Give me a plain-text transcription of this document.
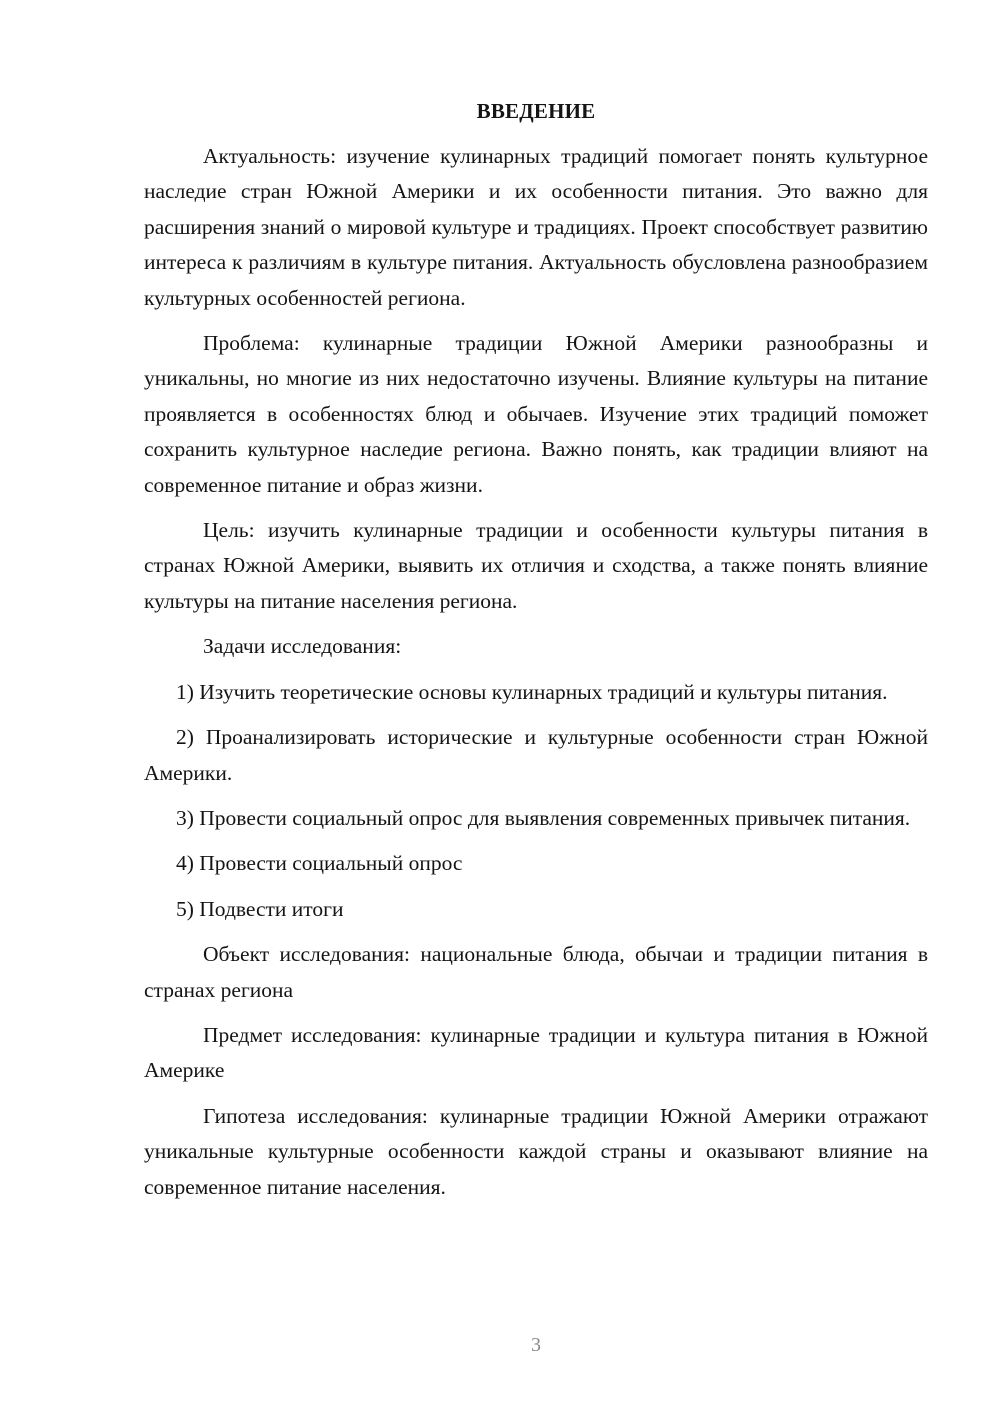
ВВЕДЕНИЕ

Актуальность: изучение кулинарных традиций помогает понять культурное наследие стран Южной Америки и их особенности питания. Это важно для расширения знаний о мировой культуре и традициях. Проект способствует развитию интереса к различиям в культуре питания. Актуальность обусловлена разнообразием культурных особенностей региона.

Проблема: кулинарные традиции Южной Америки разнообразны и уникальны, но многие из них недостаточно изучены. Влияние культуры на питание проявляется в особенностях блюд и обычаев. Изучение этих традиций поможет сохранить культурное наследие региона. Важно понять, как традиции влияют на современное питание и образ жизни.

Цель: изучить кулинарные традиции и особенности культуры питания в странах Южной Америки, выявить их отличия и сходства, а также понять влияние культуры на питание населения региона.

Задачи исследования:

1) Изучить теоретические основы кулинарных традиций и культуры питания.

2) Проанализировать исторические и культурные особенности стран Южной Америки.

3) Провести социальный опрос для выявления современных привычек питания.

4) Провести социальный опрос

5) Подвести итоги

Объект исследования: национальные блюда, обычаи и традиции питания в странах региона

Предмет исследования: кулинарные традиции и культура питания в Южной Америке

Гипотеза исследования: кулинарные традиции Южной Америки отражают уникальные культурные особенности каждой страны и оказывают влияние на современное питание населения.

3
